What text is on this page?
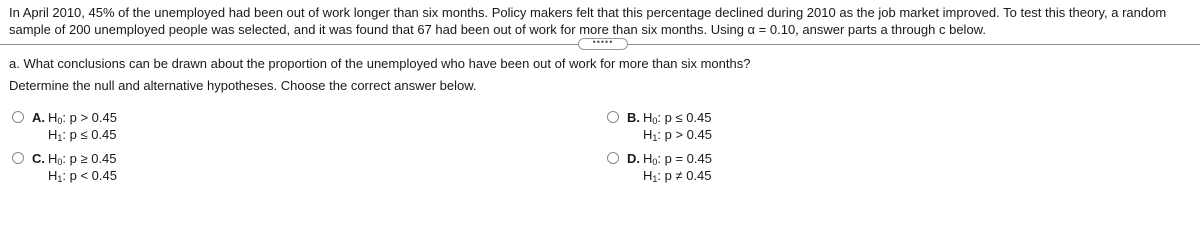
In April 2010, 45% of the unemployed had been out of work longer than six months. Policy makers felt that this percentage declined during 2010 as the job market improved. To test this theory, a random sample of 200 unemployed people was selected, and it was found that 67 had been out of work for more than six months. Using α = 0.10, answer parts a through c below.

•••••

a. What conclusions can be drawn about the proportion of the unemployed who have been out of work for more than six months?

Determine the null and alternative hypotheses. Choose the correct answer below.

A. $H_0$: p > 0.45
$H_1$: p ≤ 0.45
B. $H_0$: p ≤ 0.45
$H_1$: p > 0.45
C. $H_0$: p ≥ 0.45
$H_1$: p < 0.45
D. $H_0$: p = 0.45
$H_1$: p ≠ 0.45
